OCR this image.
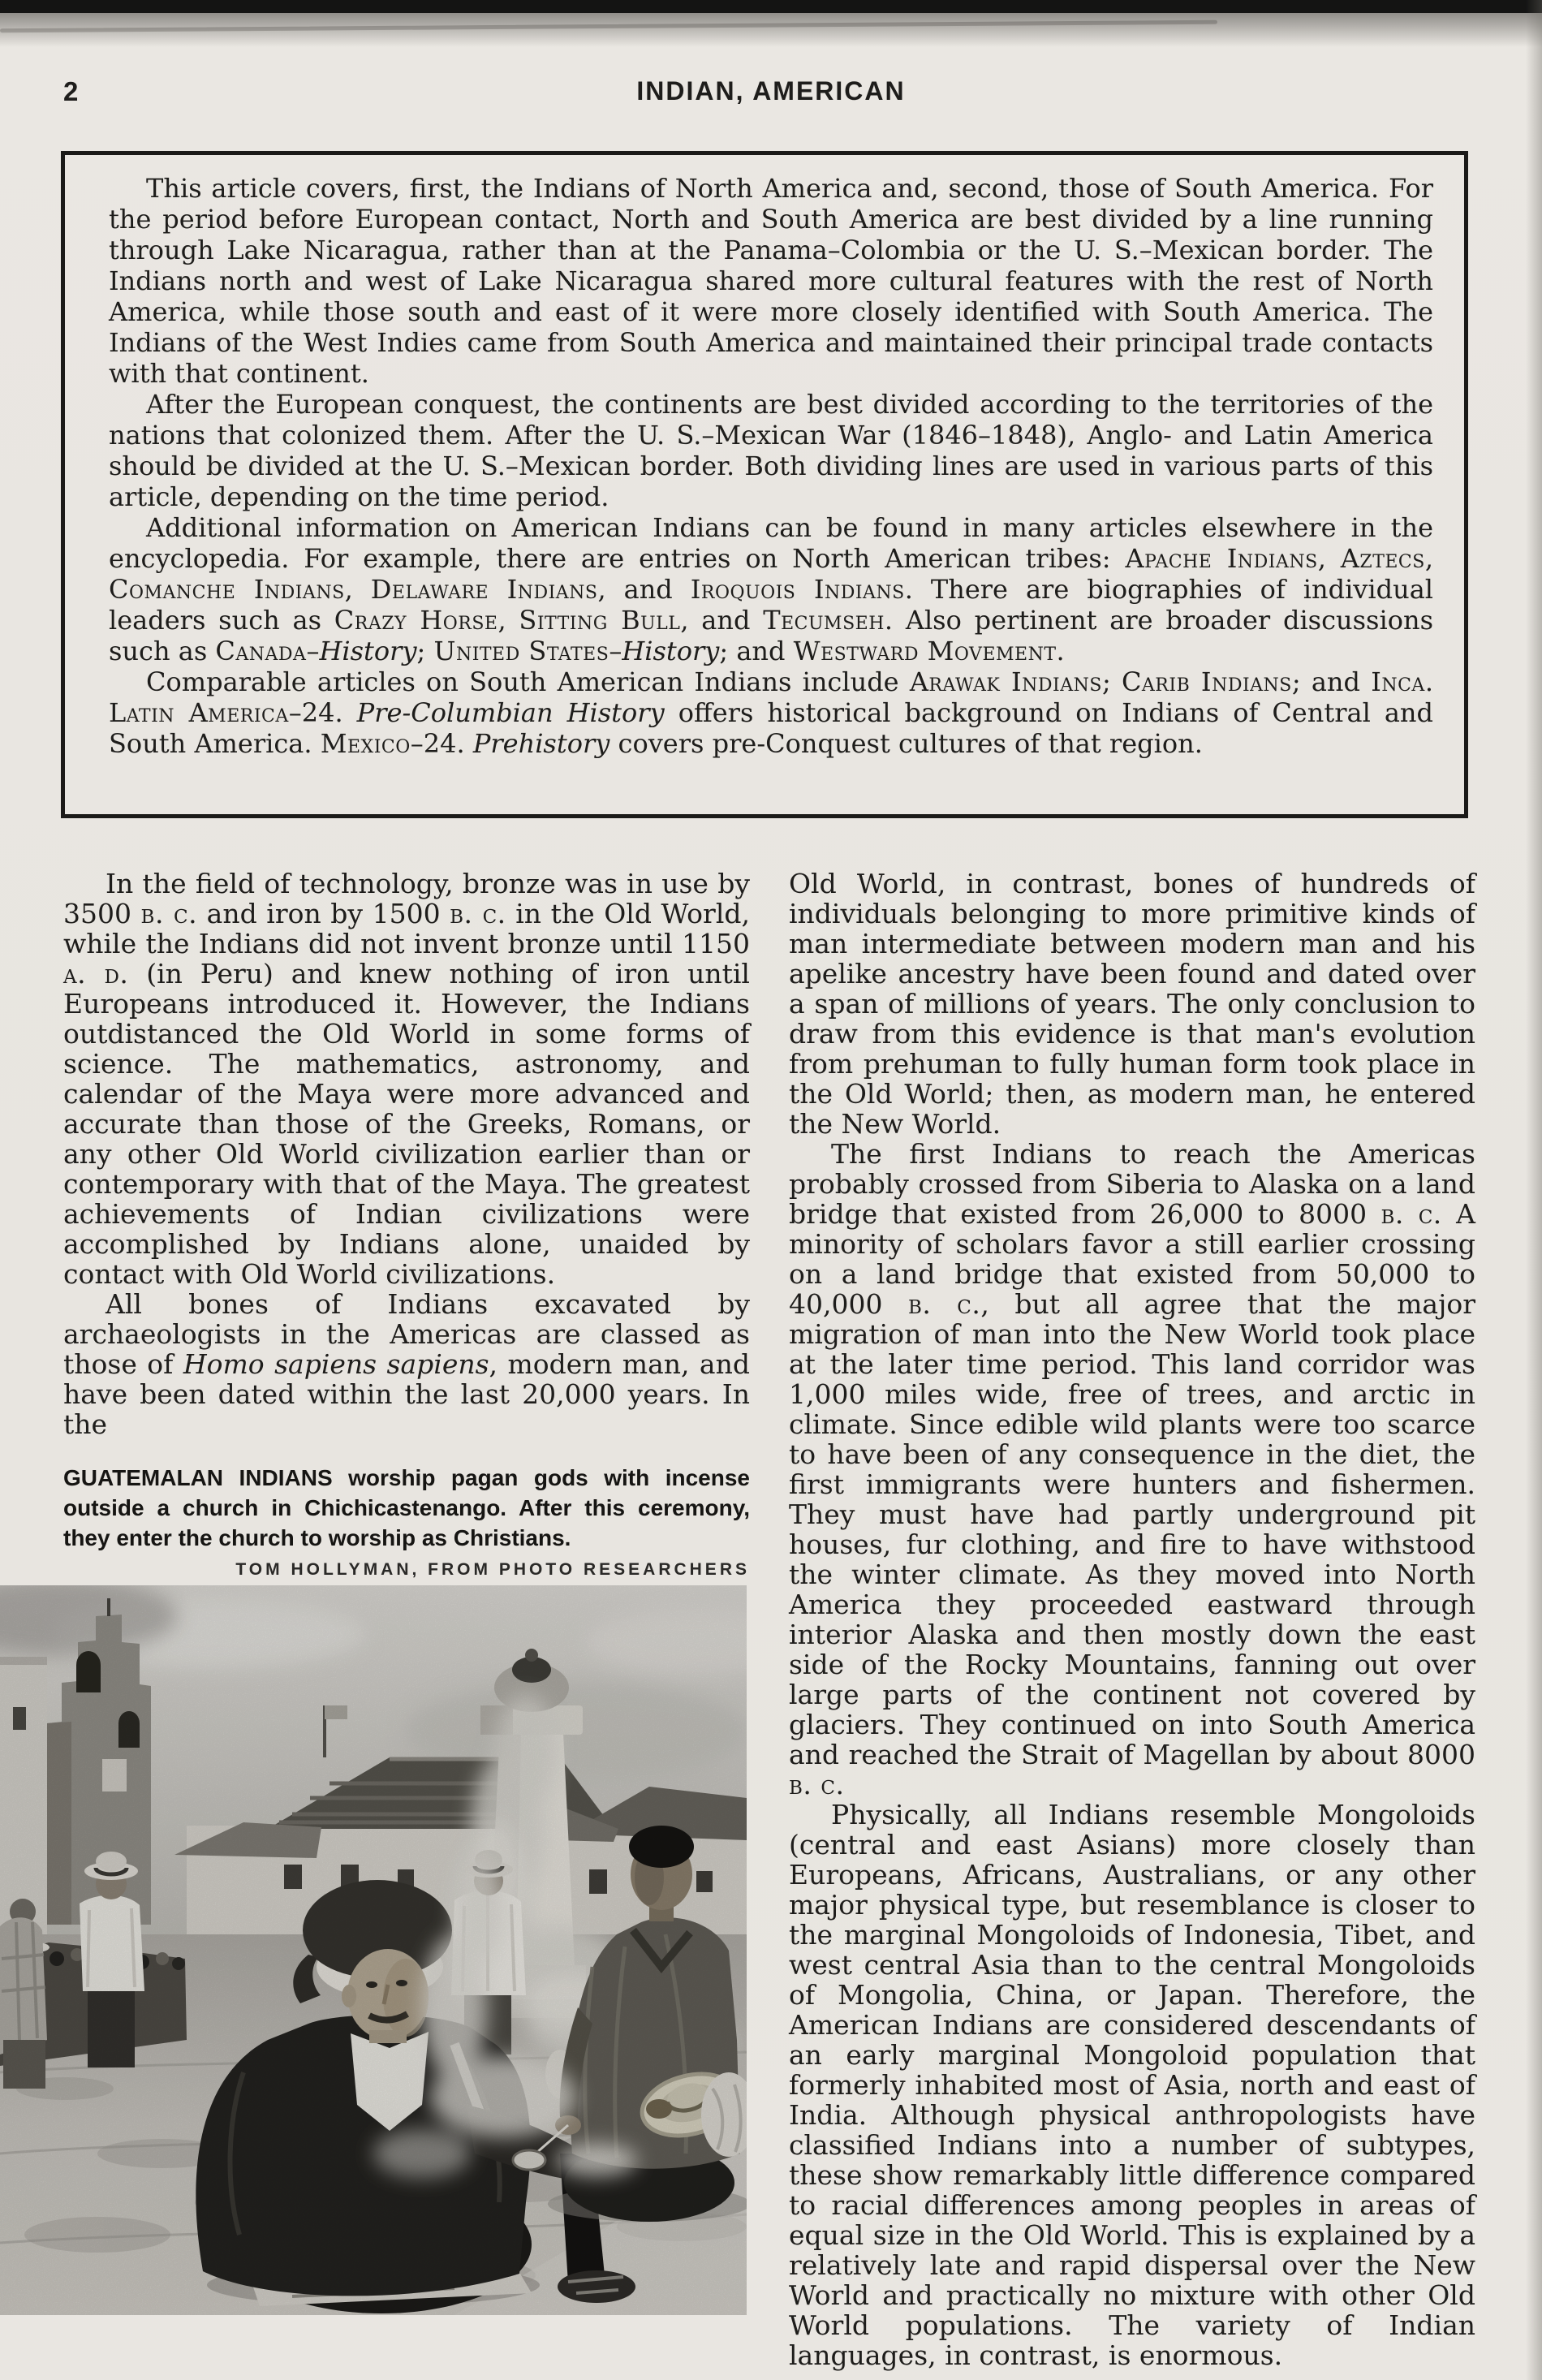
2	INDIAN, AMERICAN

This article covers, first, the Indians of North America and, second, those of South America. For the period before European contact, North and South America are best divided by a line running through Lake Nicaragua, rather than at the Panama–Colombia or the U. S.–Mexican border. The Indians north and west of Lake Nicaragua shared more cultural features with the rest of North America, while those south and east of it were more closely identified with South America. The Indians of the West Indies came from South America and maintained their principal trade contacts with that continent.

After the European conquest, the continents are best divided according to the territories of the nations that colonized them. After the U. S.–Mexican War (1846–1848), Anglo- and Latin America should be divided at the U. S.–Mexican border. Both dividing lines are used in various parts of this article, depending on the time period.

Additional information on American Indians can be found in many articles elsewhere in the encyclopedia. For example, there are entries on North American tribes: Apache Indians, Aztecs, Comanche Indians, Delaware Indians, and Iroquois Indians. There are biographies of individual leaders such as Crazy Horse, Sitting Bull, and Tecumseh. Also pertinent are broader discussions such as Canada–History; United States–History; and Westward Movement.

Comparable articles on South American Indians include Arawak Indians; Carib Indians; and Inca. Latin America–24. Pre-Columbian History offers historical background on Indians of Central and South America. Mexico–24. Prehistory covers pre-Conquest cultures of that region.

In the field of technology, bronze was in use by 3500 b. c. and iron by 1500 b. c. in the Old World, while the Indians did not invent bronze until 1150 a. d. (in Peru) and knew nothing of iron until Europeans introduced it. However, the Indians outdistanced the Old World in some forms of science. The mathematics, astronomy, and calendar of the Maya were more advanced and accurate than those of the Greeks, Romans, or any other Old World civilization earlier than or contemporary with that of the Maya. The greatest achievements of Indian civilizations were accomplished by Indians alone, unaided by contact with Old World civilizations.

All bones of Indians excavated by archaeologists in the Americas are classed as those of Homo sapiens sapiens, modern man, and have been dated within the last 20,000 years. In the

Old World, in contrast, bones of hundreds of individuals belonging to more primitive kinds of man intermediate between modern man and his apelike ancestry have been found and dated over a span of millions of years. The only conclusion to draw from this evidence is that man's evolution from prehuman to fully human form took place in the Old World; then, as modern man, he entered the New World.

The first Indians to reach the Americas probably crossed from Siberia to Alaska on a land bridge that existed from 26,000 to 8000 b. c. A minority of scholars favor a still earlier crossing on a land bridge that existed from 50,000 to 40,000 b. c., but all agree that the major migration of man into the New World took place at the later time period. This land corridor was 1,000 miles wide, free of trees, and arctic in climate. Since edible wild plants were too scarce to have been of any consequence in the diet, the first immigrants were hunters and fishermen. They must have had partly underground pit houses, fur clothing, and fire to have withstood the winter climate. As they moved into North America they proceeded eastward through interior Alaska and then mostly down the east side of the Rocky Mountains, fanning out over large parts of the continent not covered by glaciers. They continued on into South America and reached the Strait of Magellan by about 8000 b. c.

Physically, all Indians resemble Mongoloids (central and east Asians) more closely than Europeans, Africans, Australians, or any other major physical type, but resemblance is closer to the marginal Mongoloids of Indonesia, Tibet, and west central Asia than to the central Mongoloids of Mongolia, China, or Japan. Therefore, the American Indians are considered descendants of an early marginal Mongoloid population that formerly inhabited most of Asia, north and east of India. Although physical anthropologists have classified Indians into a number of subtypes, these show remarkably little difference compared to racial differences among peoples in areas of equal size in the Old World. This is explained by a relatively late and rapid dispersal over the New World and practically no mixture with other Old World populations. The variety of Indian languages, in contrast, is enormous.

GUATEMALAN INDIANS worship pagan gods with incense outside a church in Chichicastenango. After this ceremony, they enter the church to worship as Christians.

TOM HOLLYMAN, FROM PHOTO RESEARCHERS
